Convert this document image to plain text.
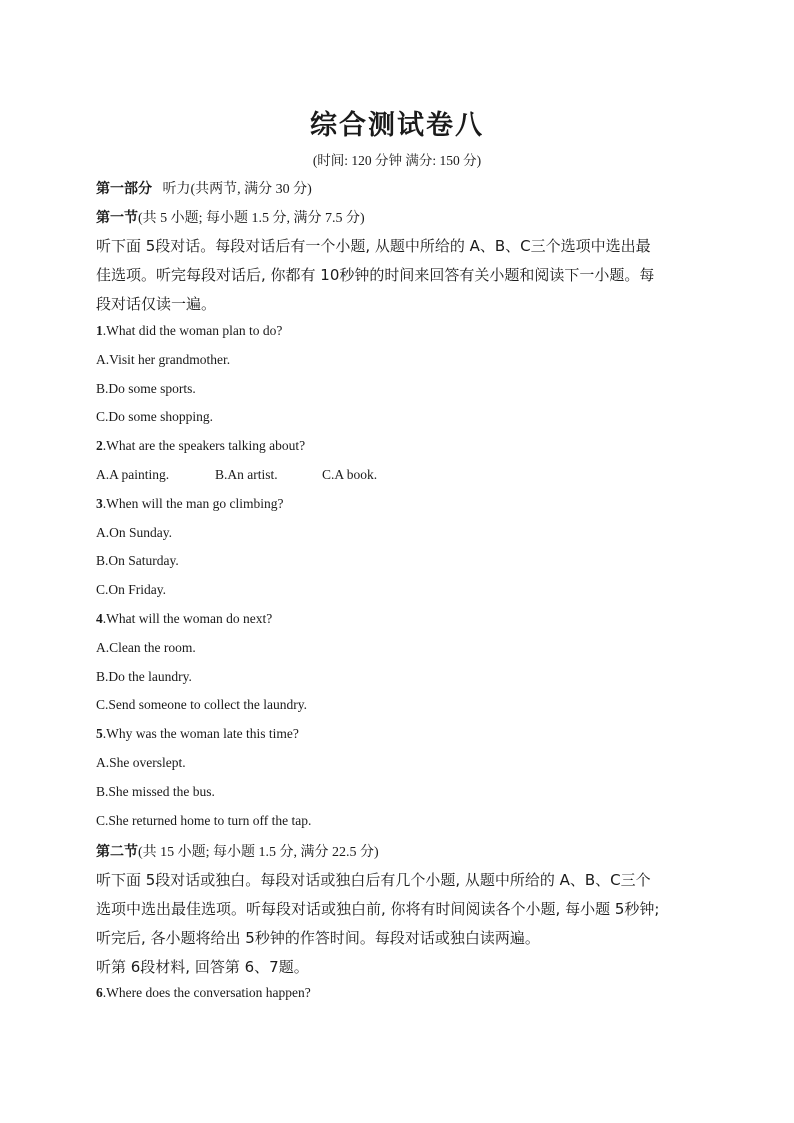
综合测试卷八
(时间: 120 分钟 满分: 150 分)
第一部分 听力(共两节, 满分 30 分)
第一节(共 5 小题; 每小题 1.5 分, 满分 7.5 分)
听下面 5段对话。每段对话后有一个小题, 从题中所给的 A、B、C三个选项中选出最
佳选项。听完每段对话后, 你都有 10秒钟的时间来回答有关小题和阅读下一小题。每
段对话仅读一遍。
1.What did the woman plan to do?
A.Visit her grandmother.
B.Do some sports.
C.Do some shopping.
2.What are the speakers talking about?
A.A painting.	B.An artist.	C.A book.
3.When will the man go climbing?
A.On Sunday.
B.On Saturday.
C.On Friday.
4.What will the woman do next?
A.Clean the room.
B.Do the laundry.
C.Send someone to collect the laundry.
5.Why was the woman late this time?
A.She overslept.
B.She missed the bus.
C.She returned home to turn off the tap.
第二节(共 15 小题; 每小题 1.5 分, 满分 22.5 分)
听下面 5段对话或独白。每段对话或独白后有几个小题, 从题中所给的 A、B、C三个
选项中选出最佳选项。听每段对话或独白前, 你将有时间阅读各个小题, 每小题 5秒钟;
听完后, 各小题将给出 5秒钟的作答时间。每段对话或独白读两遍。
听第 6段材料, 回答第 6、7题。
6.Where does the conversation happen?
